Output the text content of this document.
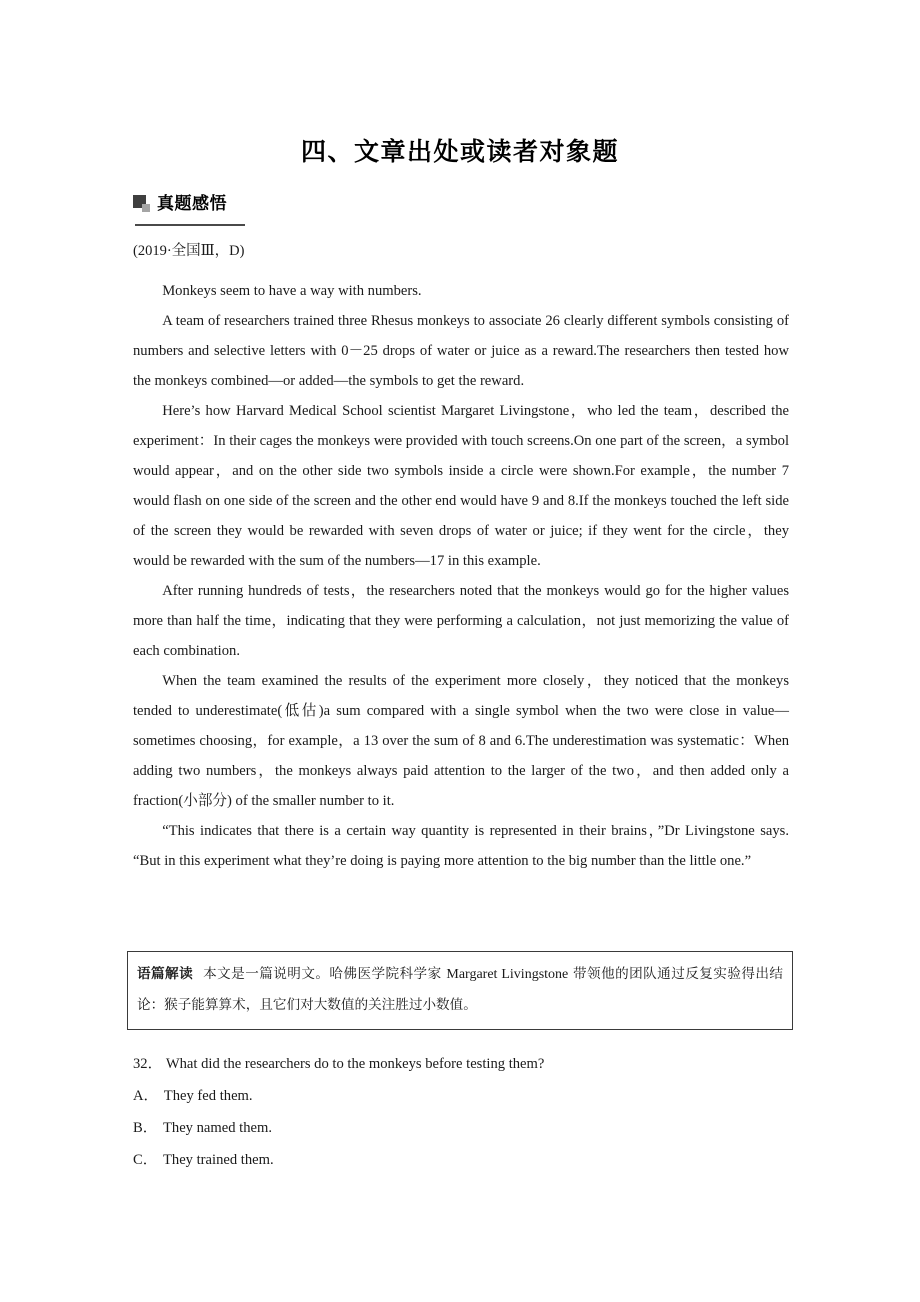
四、文章出处或读者对象题
真题感悟
(2019·全国Ⅲ，D)

Monkeys seem to have a way with numbers.

A team of researchers trained three Rhesus monkeys to associate 26 clearly different symbols consisting of numbers and selective letters with 0－25 drops of water or juice as a reward.The researchers then tested how the monkeys combined—or added—the symbols to get the reward.

Here’s how Harvard Medical School scientist Margaret Livingstone，who led the team，described the experiment：In their cages the monkeys were provided with touch screens.On one part of the screen，a symbol would appear，and on the other side two symbols inside a circle were shown.For example，the number 7 would flash on one side of the screen and the other end would have 9 and 8.If the monkeys touched the left side of the screen they would be rewarded with seven drops of water or juice; if they went for the circle，they would be rewarded with the sum of the numbers—17 in this example.

After running hundreds of tests，the researchers noted that the monkeys would go for the higher values more than half the time，indicating that they were performing a calculation，not just memorizing the value of each combination.

When the team examined the results of the experiment more closely，they noticed that the monkeys tended to underestimate(低估)a sum compared with a single symbol when the two were close in value—sometimes choosing，for example，a 13 over the sum of 8 and 6.The underestimation was systematic：When adding two numbers，the monkeys always paid attention to the larger of the two，and then added only a fraction(小部分) of the smaller number to it.

“This indicates that there is a certain way quantity is represented in their brains，”Dr Livingstone says. “But in this experiment what they’re doing is paying more attention to the big number than the little one.”

语篇解读 本文是一篇说明文。哈佛医学院科学家 Margaret Livingstone 带领他的团队通过反复实验得出结论：猴子能算算术，且它们对大数值的关注胜过小数值。

32． What did the researchers do to the monkeys before testing them?

A． They fed them.

B． They named them.

C． They trained them.
